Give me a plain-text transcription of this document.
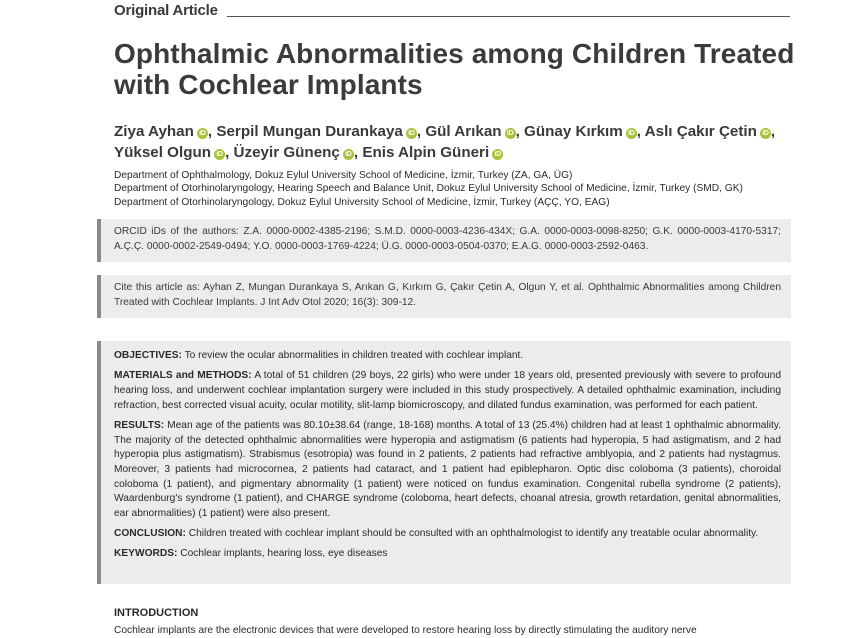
Original Article
Ophthalmic Abnormalities among Children Treated with Cochlear Implants

Ziya Ayhan iD , Serpil Mungan Durankaya iD , Gül Arıkan iD , Günay Kırkım iD , Aslı Çakır Çetin iD ,
Yüksel Olgun iD , Üzeyir Günenç iD , Enis Alpin Güneri iD

Department of Ophthalmology, Dokuz Eylul University School of Medicine, İzmir, Turkey (ZA, GA, ÜG)

Department of Otorhinolaryngology, Hearing Speech and Balance Unit, Dokuz Eylul University School of Medicine, İzmir, Turkey (SMD, GK)

Department of Otorhinolaryngology, Dokuz Eylul University School of Medicine, İzmir, Turkey (AÇÇ, YO, EAG)

ORCID iDs of the authors: Z.A. 0000-0002-4385-2196; S.M.D. 0000-0003-4236-434X; G.A. 0000-0003-0098-8250; G.K. 0000-0003-4170-5317; A.Ç.Ç. 0000-0002-2549-0494; Y.O. 0000-0003-1769-4224; Ü.G. 0000-0003-0504-0370; E.A.G. 0000-0003-2592-0463.
Cite this article as: Ayhan Z, Mungan Durankaya S, Arıkan G, Kırkım G, Çakır Çetin A, Olgun Y, et al. Ophthalmic Abnormalities among Children Treated with Cochlear Implants. J Int Adv Otol 2020; 16(3): 309-12.

OBJECTIVES: To review the ocular abnormalities in children treated with cochlear implant.

MATERIALS and METHODS: A total of 51 children (29 boys, 22 girls) who were under 18 years old, presented previously with severe to profound hearing loss, and underwent cochlear implantation surgery were included in this study prospectively. A detailed ophthalmic examination, including refraction, best corrected visual acuity, ocular motility, slit-lamp biomicroscopy, and dilated fundus examination, was performed for each patient.

RESULTS: Mean age of the patients was 80.10±38.64 (range, 18-168) months. A total of 13 (25.4%) children had at least 1 ophthalmic abnormality. The majority of the detected ophthalmic abnormalities were hyperopia and astigmatism (6 patients had hyperopia, 5 had astigmatism, and 2 had hyperopia plus astigmatism). Strabismus (esotropia) was found in 2 patients, 2 patients had refractive amblyopia, and 2 patients had nystagmus. Moreover, 3 patients had microcornea, 2 patients had cataract, and 1 patient had epiblepharon. Optic disc coloboma (3 patients), choroidal coloboma (1 patient), and pigmentary abnormality (1 patient) were noticed on fundus examination. Congenital rubella syndrome (2 patients), Waardenburg's syndrome (1 patient), and CHARGE syndrome (coloboma, heart defects, choanal atresia, growth retardation, genital abnormalities, ear abnormalities) (1 patient) were also present.

CONCLUSION: Children treated with cochlear implant should be consulted with an ophthalmologist to identify any treatable ocular abnormality.

KEYWORDS: Cochlear implants, hearing loss, eye diseases

INTRODUCTION

Cochlear implants are the electronic devices that were developed to restore hearing loss by directly stimulating the auditory nerve
